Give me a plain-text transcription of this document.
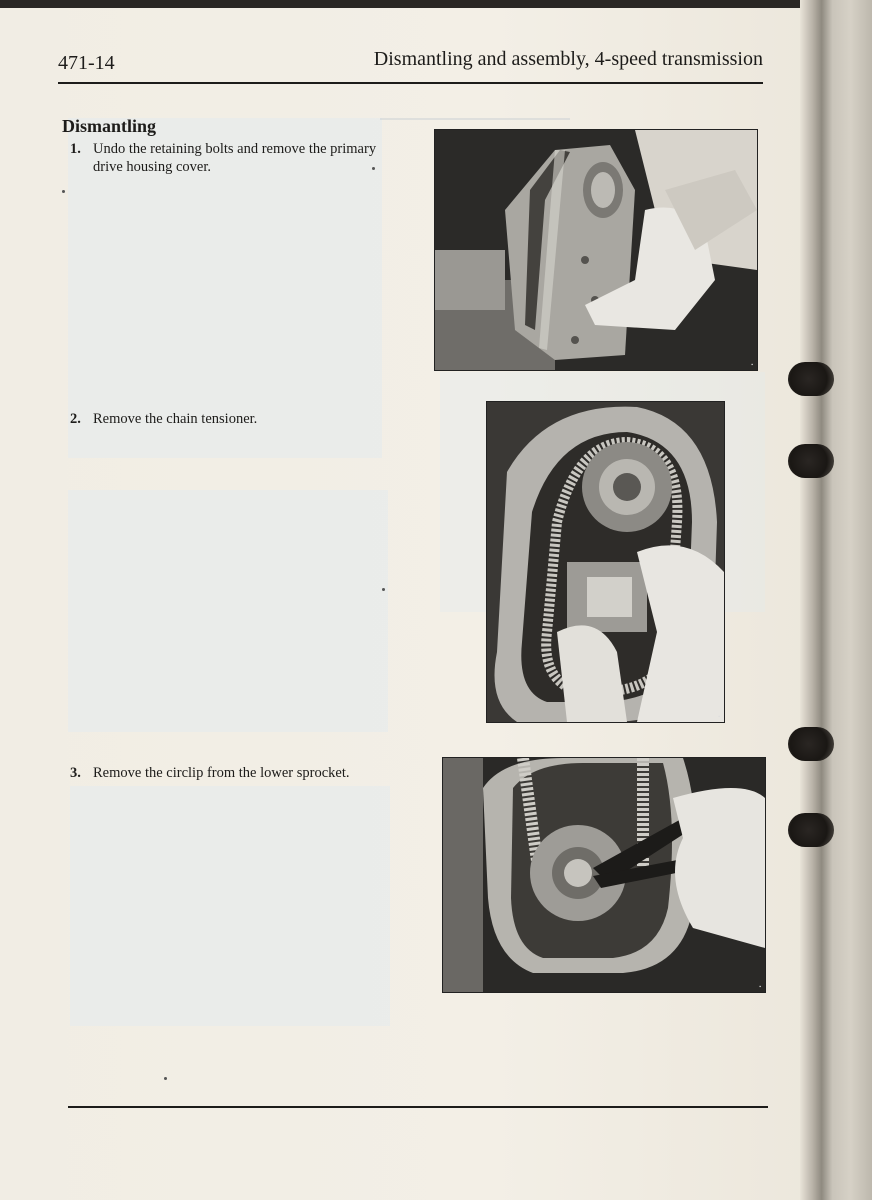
471-14	Dismantling and assembly, 4-speed transmission
Dismantling
1. Undo the retaining bolts and remove the primary
drive housing cover.
2. Remove the chain tensioner.
3. Remove the circlip from the lower sprocket.
▪
▪
▪
